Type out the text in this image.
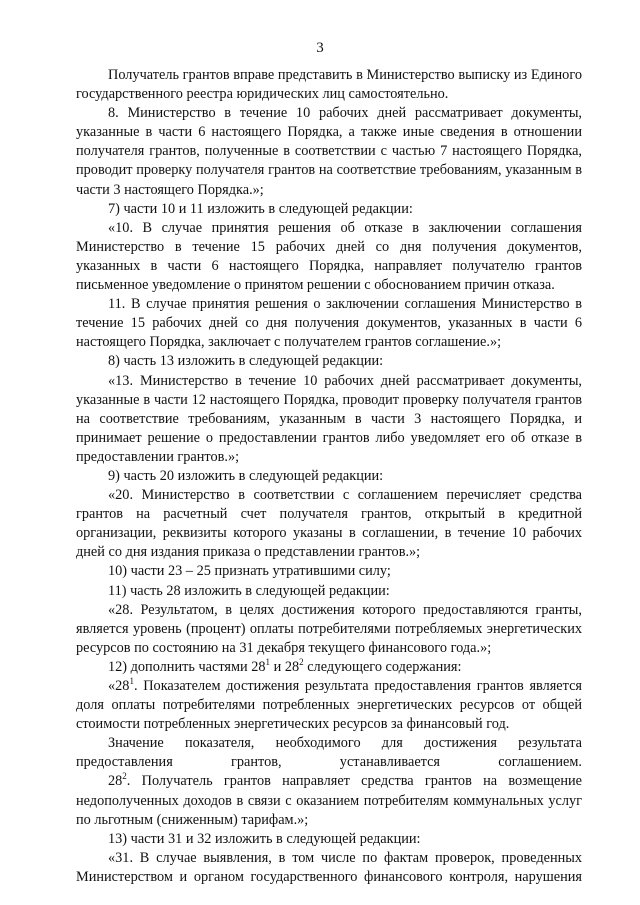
3

Получатель грантов вправе представить в Министерство выписку из Единого государственного реестра юридических лиц самостоятельно.

8. Министерство в течение 10 рабочих дней рассматривает документы, указанные в части 6 настоящего Порядка, а также иные сведения в отношении получателя грантов, полученные в соответствии с частью 7 настоящего Порядка, проводит проверку получателя грантов на соответствие требованиям, указанным в части 3 настоящего Порядка.»;

7) части 10 и 11 изложить в следующей редакции:

«10. В случае принятия решения об отказе в заключении соглашения Министерство в течение 15 рабочих дней со дня получения документов, указанных в части 6 настоящего Порядка, направляет получателю грантов письменное уведомление о принятом решении с обоснованием причин отказа.

11. В случае принятия решения о заключении соглашения Министерство в течение 15 рабочих дней со дня получения документов, указанных в части 6 настоящего Порядка, заключает с получателем грантов соглашение.»;

8) часть 13 изложить в следующей редакции:

«13. Министерство в течение 10 рабочих дней рассматривает документы, указанные в части 12 настоящего Порядка, проводит проверку получателя грантов на соответствие требованиям, указанным в части 3 настоящего Порядка, и принимает решение о предоставлении грантов либо уведомляет его об отказе в предоставлении грантов.»;

9) часть 20 изложить в следующей редакции:

«20. Министерство в соответствии с соглашением перечисляет средства грантов на расчетный счет получателя грантов, открытый в кредитной организации, реквизиты которого указаны в соглашении, в течение 10 рабочих дней со дня издания приказа о представлении грантов.»;

10) части 23 – 25 признать утратившими силу;

11) часть 28 изложить в следующей редакции:

«28. Результатом, в целях достижения которого предоставляются гранты, является уровень (процент) оплаты потребителями потребляемых энергетических ресурсов по состоянию на 31 декабря текущего финансового года.»;

12) дополнить частями $28^1$ и $28^2$ следующего содержания:

«$28^1$. Показателем достижения результата предоставления грантов является доля оплаты потребителями потребленных энергетических ресурсов от общей стоимости потребленных энергетических ресурсов за финансовый год.

Значение показателя, необходимого для достижения результата предоставления грантов, устанавливается соглашением.

$28^2$. Получатель грантов направляет средства грантов на возмещение недополученных доходов в связи с оказанием потребителям коммунальных услуг по льготным (сниженным) тарифам.»;

13) части 31 и 32 изложить в следующей редакции:

«31. В случае выявления, в том числе по фактам проверок, проведенных Министерством и органом государственного финансового контроля, нарушения
